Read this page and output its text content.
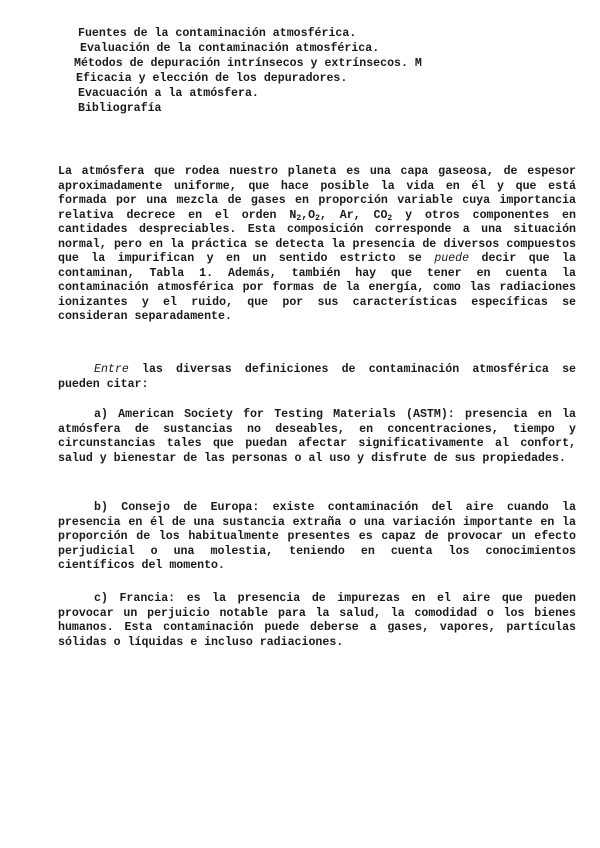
Fuentes de la contaminación atmosférica.
Evaluación de la contaminación atmosférica.
Métodos de depuración intrínsecos y extrínsecos. M
Eficacia y elección de los depuradores.
Evacuación a la atmósfera.
Bibliografía

La atmósfera que rodea nuestro planeta es una capa gaseosa, de espesor aproximadamente uniforme, que hace posible la vida en él y que está formada por una mezcla de gases en proporción variable cuya importancia relativa decrece en el orden $N_2,O_2$, Ar, $CO_2$ y otros componentes en cantidades despreciables. Esta composición corresponde a una situación normal, pero en la práctica se detecta la presencia de diversos compuestos que la impurifican y en un sentido estricto se puede decir que la contaminan, Tabla 1. Además, también hay que tener en cuenta la contaminación atmosférica por formas de la energía, como las radiaciones ionizantes y el ruido, que por sus características específicas se consideran separadamente.

Entre las diversas definiciones de contaminación atmosférica se pueden citar:

a) American Society for Testing Materials (ASTM): presencia en la atmósfera de sustancias no deseables, en concentraciones, tiempo y circunstancias tales que puedan afectar significativamente al confort, salud y bienestar de las personas o al uso y disfrute de sus propiedades.

b) Consejo de Europa: existe contaminación del aire cuando la presencia en él de una sustancia extraña o una variación importante en la proporción de los habitualmente presentes es capaz de provocar un efecto perjudicial o una molestia, teniendo en cuenta los conocimientos científicos del momento.

c) Francia: es la presencia de impurezas en el aire que pueden provocar un perjuicio notable para la salud, la comodidad o los bienes humanos. Esta contaminación puede deberse a gases, vapores, partículas sólidas o líquidas e incluso radiaciones.
